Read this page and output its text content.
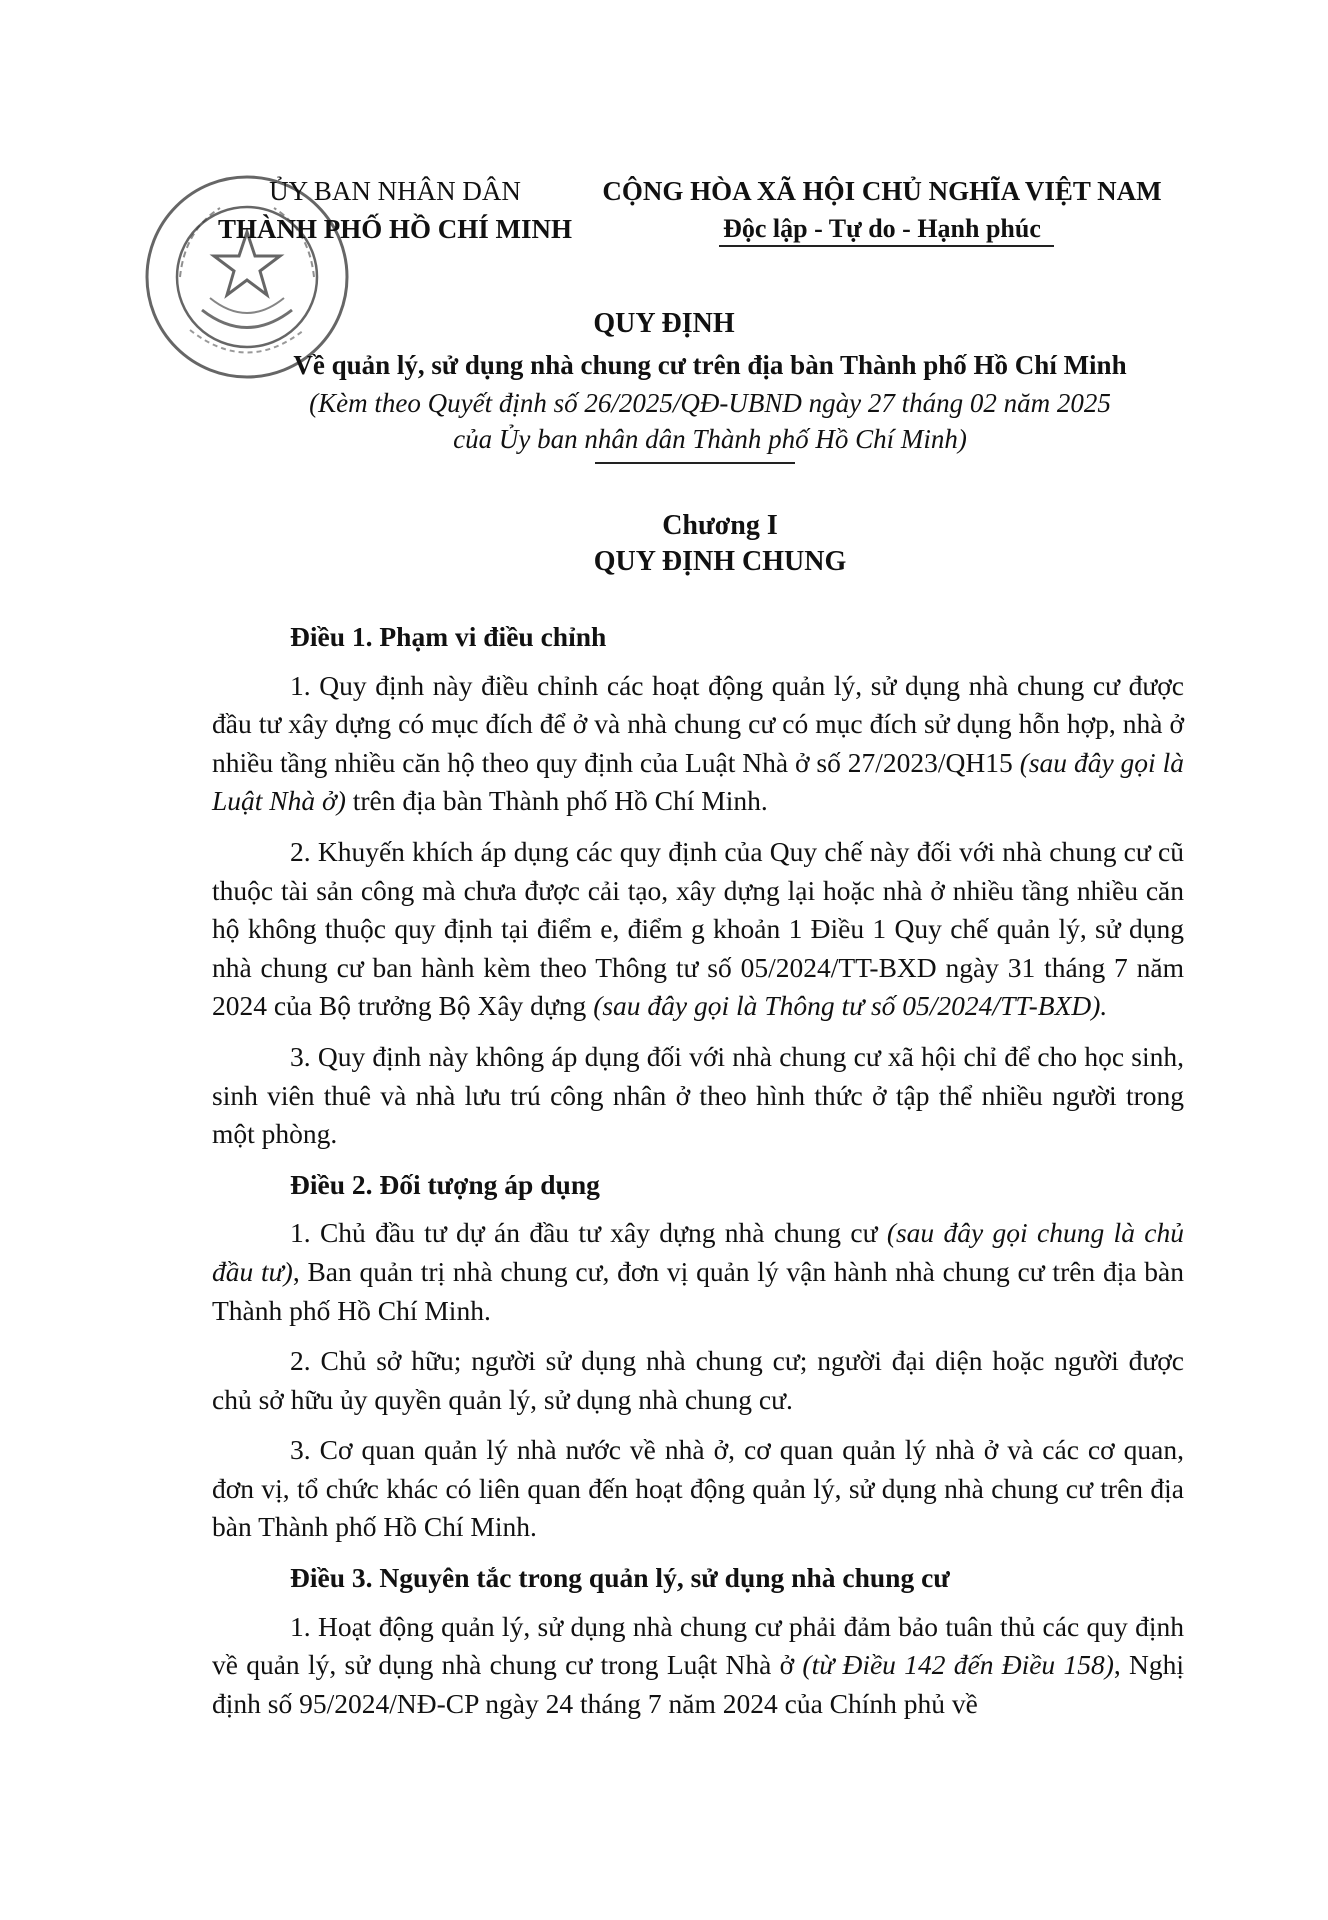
ỦY BAN NHÂN DÂN
THÀNH PHỐ HỒ CHÍ MINH
CỘNG HÒA XÃ HỘI CHỦ NGHĨA VIỆT NAM
Độc lập - Tự do - Hạnh phúc
QUY ĐỊNH
Về quản lý, sử dụng nhà chung cư trên địa bàn Thành phố Hồ Chí Minh
(Kèm theo Quyết định số 26/2025/QĐ-UBND ngày 27 tháng 02 năm 2025
của Ủy ban nhân dân Thành phố Hồ Chí Minh)
Chương I
QUY ĐỊNH CHUNG
Điều 1. Phạm vi điều chỉnh

1. Quy định này điều chỉnh các hoạt động quản lý, sử dụng nhà chung cư được đầu tư xây dựng có mục đích để ở và nhà chung cư có mục đích sử dụng hỗn hợp, nhà ở nhiều tầng nhiều căn hộ theo quy định của Luật Nhà ở số 27/2023/QH15 (sau đây gọi là Luật Nhà ở) trên địa bàn Thành phố Hồ Chí Minh.

2. Khuyến khích áp dụng các quy định của Quy chế này đối với nhà chung cư cũ thuộc tài sản công mà chưa được cải tạo, xây dựng lại hoặc nhà ở nhiều tầng nhiều căn hộ không thuộc quy định tại điểm e, điểm g khoản 1 Điều 1 Quy chế quản lý, sử dụng nhà chung cư ban hành kèm theo Thông tư số 05/2024/TT-BXD ngày 31 tháng 7 năm 2024 của Bộ trưởng Bộ Xây dựng (sau đây gọi là Thông tư số 05/2024/TT-BXD).

3. Quy định này không áp dụng đối với nhà chung cư xã hội chỉ để cho học sinh, sinh viên thuê và nhà lưu trú công nhân ở theo hình thức ở tập thể nhiều người trong một phòng.

Điều 2. Đối tượng áp dụng

1. Chủ đầu tư dự án đầu tư xây dựng nhà chung cư (sau đây gọi chung là chủ đầu tư), Ban quản trị nhà chung cư, đơn vị quản lý vận hành nhà chung cư trên địa bàn Thành phố Hồ Chí Minh.

2. Chủ sở hữu; người sử dụng nhà chung cư; người đại diện hoặc người được chủ sở hữu ủy quyền quản lý, sử dụng nhà chung cư.

3. Cơ quan quản lý nhà nước về nhà ở, cơ quan quản lý nhà ở và các cơ quan, đơn vị, tổ chức khác có liên quan đến hoạt động quản lý, sử dụng nhà chung cư trên địa bàn Thành phố Hồ Chí Minh.

Điều 3. Nguyên tắc trong quản lý, sử dụng nhà chung cư

1. Hoạt động quản lý, sử dụng nhà chung cư phải đảm bảo tuân thủ các quy định về quản lý, sử dụng nhà chung cư trong Luật Nhà ở (từ Điều 142 đến Điều 158), Nghị định số 95/2024/NĐ-CP ngày 24 tháng 7 năm 2024 của Chính phủ về
